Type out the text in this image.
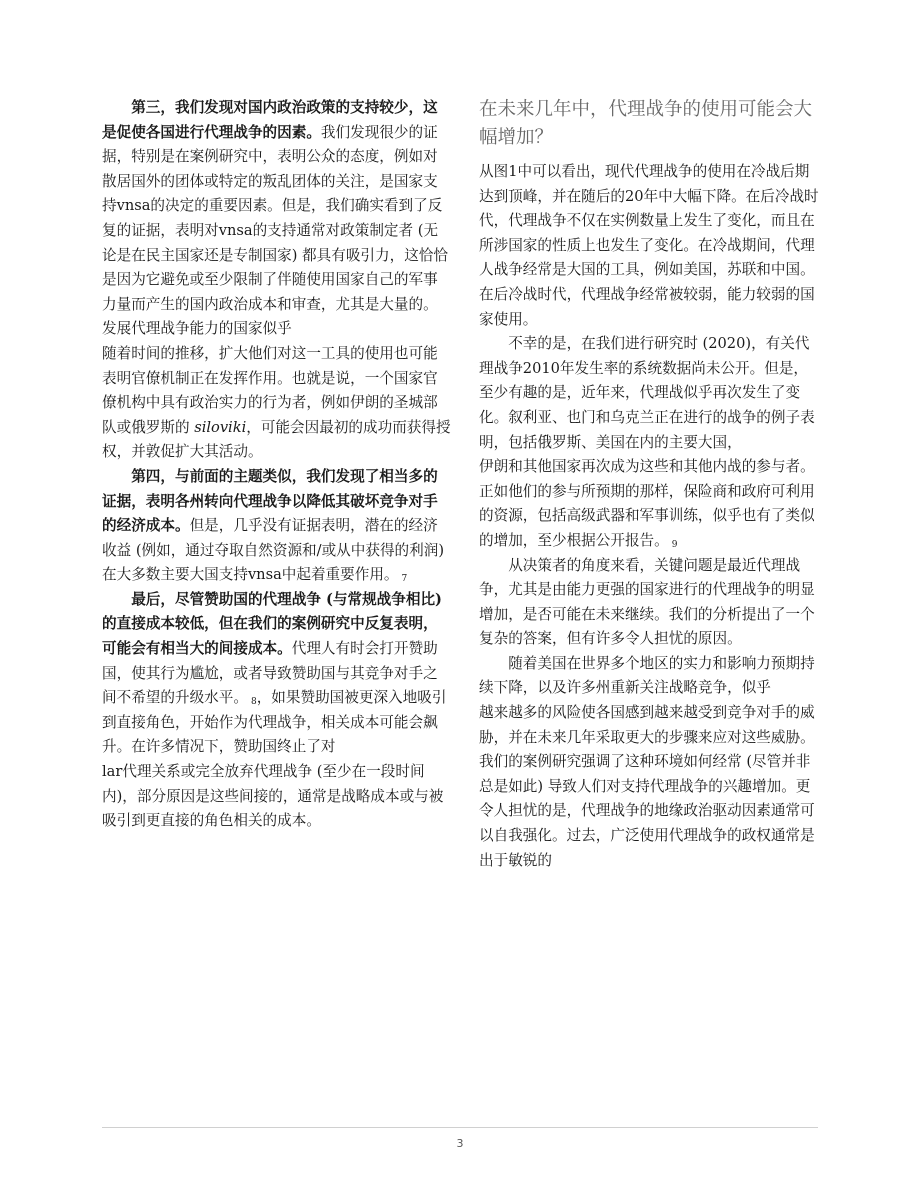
第三，我们发现对国内政治政策的支持较少，这是促使各国进行代理战争的因素。我们发现很少的证据，特别是在案例研究中，表明公众的态度，例如对散居国外的团体或特定的叛乱团体的关注，是国家支持vnsa的决定的重要因素。但是，我们确实看到了反复的证据，表明对vnsa的支持通常对政策制定者 (无论是在民主国家还是专制国家) 都具有吸引力，这恰恰是因为它避免或至少限制了伴随使用国家自己的军事力量而产生的国内政治成本和审查，尤其是大量的。发展代理战争能力的国家似乎

随着时间的推移，扩大他们对这一工具的使用也可能表明官僚机制正在发挥作用。也就是说，一个国家官僚机构中具有政治实力的行为者，例如伊朗的圣城部队或俄罗斯的 siloviki，可能会因最初的成功而获得授权，并敦促扩大其活动。

第四，与前面的主题类似，我们发现了相当多的证据，表明各州转向代理战争以降低其破坏竞争对手的经济成本。但是，几乎没有证据表明，潜在的经济收益 (例如，通过夺取自然资源和/或从中获得的利润) 在大多数主要大国支持vnsa中起着重要作用。 $^7$

最后，尽管赞助国的代理战争 (与常规战争相比) 的直接成本较低，但在我们的案例研究中反复表明，可能会有相当大的间接成本。代理人有时会打开赞助国，使其行为尴尬，或者导致赞助国与其竞争对手之间不希望的升级水平。 $^8$，如果赞助国被更深入地吸引到直接角色，开始作为代理战争，相关成本可能会飙升。在许多情况下，赞助国终止了对

lar代理关系或完全放弃代理战争 (至少在一段时间内)，部分原因是这些间接的，通常是战略成本或与被吸引到更直接的角色相关的成本。

在未来几年中，代理战争的使用可能会大幅增加？

从图1中可以看出，现代代理战争的使用在冷战后期达到顶峰，并在随后的20年中大幅下降。在后冷战时代，代理战争不仅在实例数量上发生了变化，而且在所涉国家的性质上也发生了变化。在冷战期间，代理人战争经常是大国的工具，例如美国，苏联和中国。在后冷战时代，代理战争经常被较弱，能力较弱的国家使用。

不幸的是，在我们进行研究时 (2020)，有关代理战争2010年发生率的系统数据尚未公开。但是，至少有趣的是，近年来，代理战似乎再次发生了变化。叙利亚、也门和乌克兰正在进行的战争的例子表明，包括俄罗斯、美国在内的主要大国，

伊朗和其他国家再次成为这些和其他内战的参与者。正如他们的参与所预期的那样，保险商和政府可利用的资源，包括高级武器和军事训练，似乎也有了类似的增加，至少根据公开报告。 $^9$

从决策者的角度来看，关键问题是最近代理战争，尤其是由能力更强的国家进行的代理战争的明显增加，是否可能在未来继续。我们的分析提出了一个复杂的答案，但有许多令人担忧的原因。

随着美国在世界多个地区的实力和影响力预期持续下降，以及许多州重新关注战略竞争，似乎

越来越多的风险使各国感到越来越受到竞争对手的威胁，并在未来几年采取更大的步骤来应对这些威胁。我们的案例研究强调了这种环境如何经常 (尽管并非总是如此) 导致人们对支持代理战争的兴趣增加。更令人担忧的是，代理战争的地缘政治驱动因素通常可以自我强化。过去，广泛使用代理战争的政权通常是出于敏锐的

3
